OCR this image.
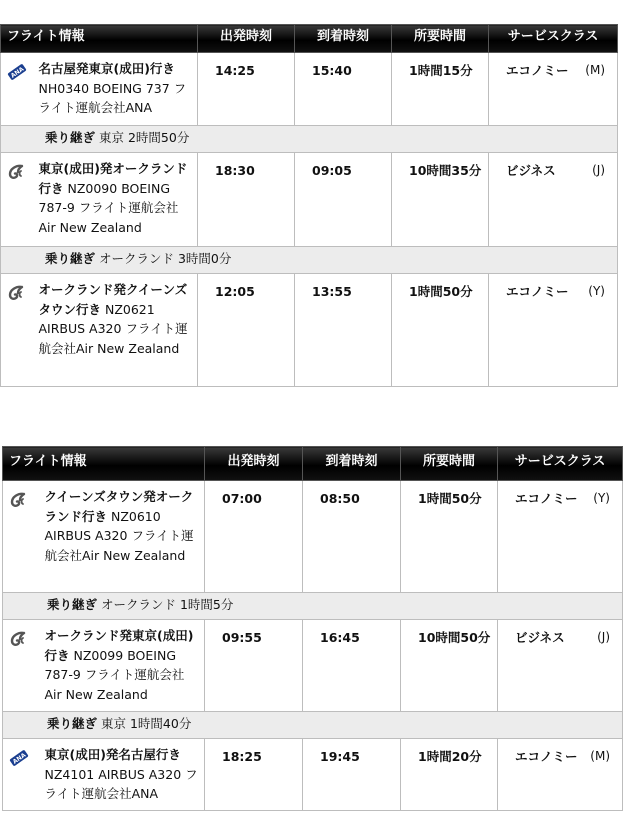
フライト情報		出発時刻	到着時刻	所要時間	サービスクラス

ANA	名古屋発東京(成田)行き NH0340 BOEING 737 フライト運航会社ANA	14:25	15:40	1時間15分	エコノミー (M)

乗り継ぎ 東京 2時間50分					
	東京(成田)発オークランド行き NZ0090 BOEING 787-9 フライト運航会社Air New Zealand	18:30	09:05	10時間35分	ビジネス (J)

乗り継ぎ オークランド 3時間0分					
	オークランド発クイーンズタウン行き NZ0621 AIRBUS A320 フライト運航会社Air New Zealand	12:05	13:55	1時間50分	エコノミー (Y)
フライト情報		出発時刻	到着時刻	所要時間	サービスクラス
	クイーンズタウン発オークランド行き NZ0610 AIRBUS A320 フライト運航会社Air New Zealand	07:00	08:50	1時間50分	エコノミー (Y)

乗り継ぎ オークランド 1時間5分					
	オークランド発東京(成田)行き NZ0099 BOEING 787-9 フライト運航会社Air New Zealand	09:55	16:45	10時間50分	ビジネス (J)

乗り継ぎ 東京 1時間40分					

ANA	東京(成田)発名古屋行き NZ4101 AIRBUS A320 フライト運航会社ANA	18:25	19:45	1時間20分	エコノミー (M)
